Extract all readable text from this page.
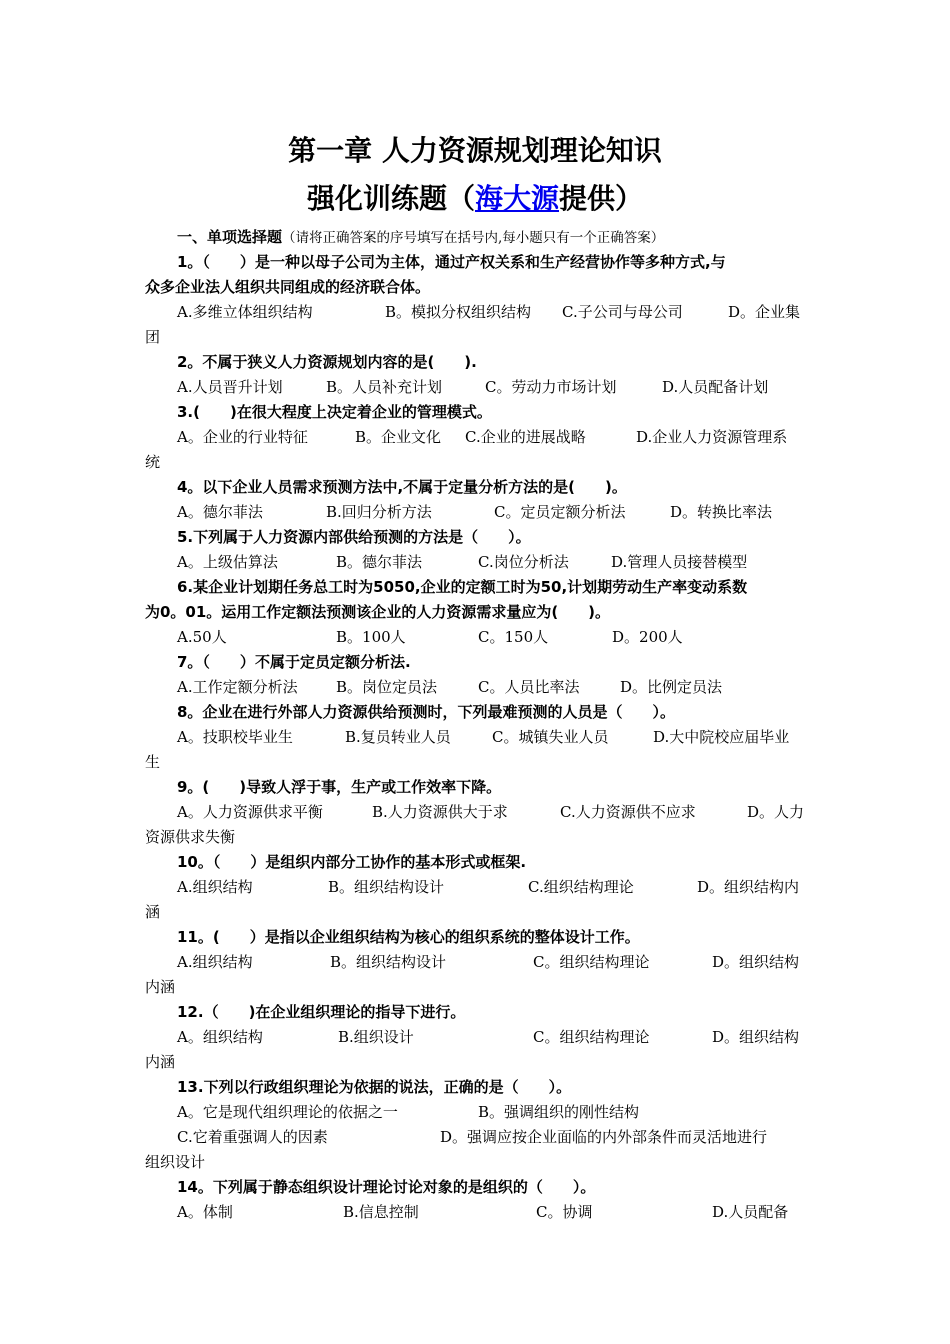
第一章 人力资源规划理论知识
强化训练题（海大源提供）
一、单项选择题（请将正确答案的序号填写在括号内,每小题只有一个正确答案）
1。（　　）是一种以母子公司为主体，通过产权关系和生产经营协作等多种方式,与
众多企业法人组织共同组成的经济联合体。
A.多维立体组织结构	B。模拟分权组织结构 C.子公司与母公司	D。企业集
团
2。不属于狭义人力资源规划内容的是(　　).
A.人员晋升计划	B。人员补充计划	C。劳动力市场计划	D.人员配备计划
3.(　　)在很大程度上决定着企业的管理模式。
A。企业的行业特征	B。企业文化 C.企业的进展战略	D.企业人力资源管理系
统
4。以下企业人员需求预测方法中,不属于定量分析方法的是(　　)。
A。德尔菲法	B.回归分析方法	C。定员定额分析法	D。转换比率法
5.下列属于人力资源内部供给预测的方法是（　　）。
A。上级估算法	B。德尔菲法	C.岗位分析法	D.管理人员接替模型
6.某企业计划期任务总工时为5050,企业的定额工时为50,计划期劳动生产率变动系数
为0。01。运用工作定额法预测该企业的人力资源需求量应为(　　)。
A.50人	B。100人	C。150人	D。200人
7。（　　）不属于定员定额分析法.
A.工作定额分析法	B。岗位定员法	C。人员比率法	D。比例定员法
8。企业在进行外部人力资源供给预测时，下列最难预测的人员是（　　）。
A。技职校毕业生	B.复员转业人员	C。城镇失业人员	D.大中院校应届毕业
生
9。(　　)导致人浮于事，生产或工作效率下降。
A。人力资源供求平衡	B.人力资源供大于求	C.人力资源供不应求	D。人力
资源供求失衡
10。（　　）是组织内部分工协作的基本形式或框架.
A.组织结构	B。组织结构设计	C.组织结构理论	D。组织结构内
涵
11。(　　）是指以企业组织结构为核心的组织系统的整体设计工作。
A.组织结构	B。组织结构设计	C。组织结构理论	D。组织结构
内涵
12.（　　)在企业组织理论的指导下进行。
A。组织结构	B.组织设计	C。组织结构理论	D。组织结构
内涵
13.下列以行政组织理论为依据的说法，正确的是（　　）。
A。它是现代组织理论的依据之一	B。强调组织的刚性结构
C.它着重强调人的因素	D。强调应按企业面临的内外部条件而灵活地进行
组织设计
14。下列属于静态组织设计理论讨论对象的是组织的（　　）。
A。体制	B.信息控制	C。协调	D.人员配备
